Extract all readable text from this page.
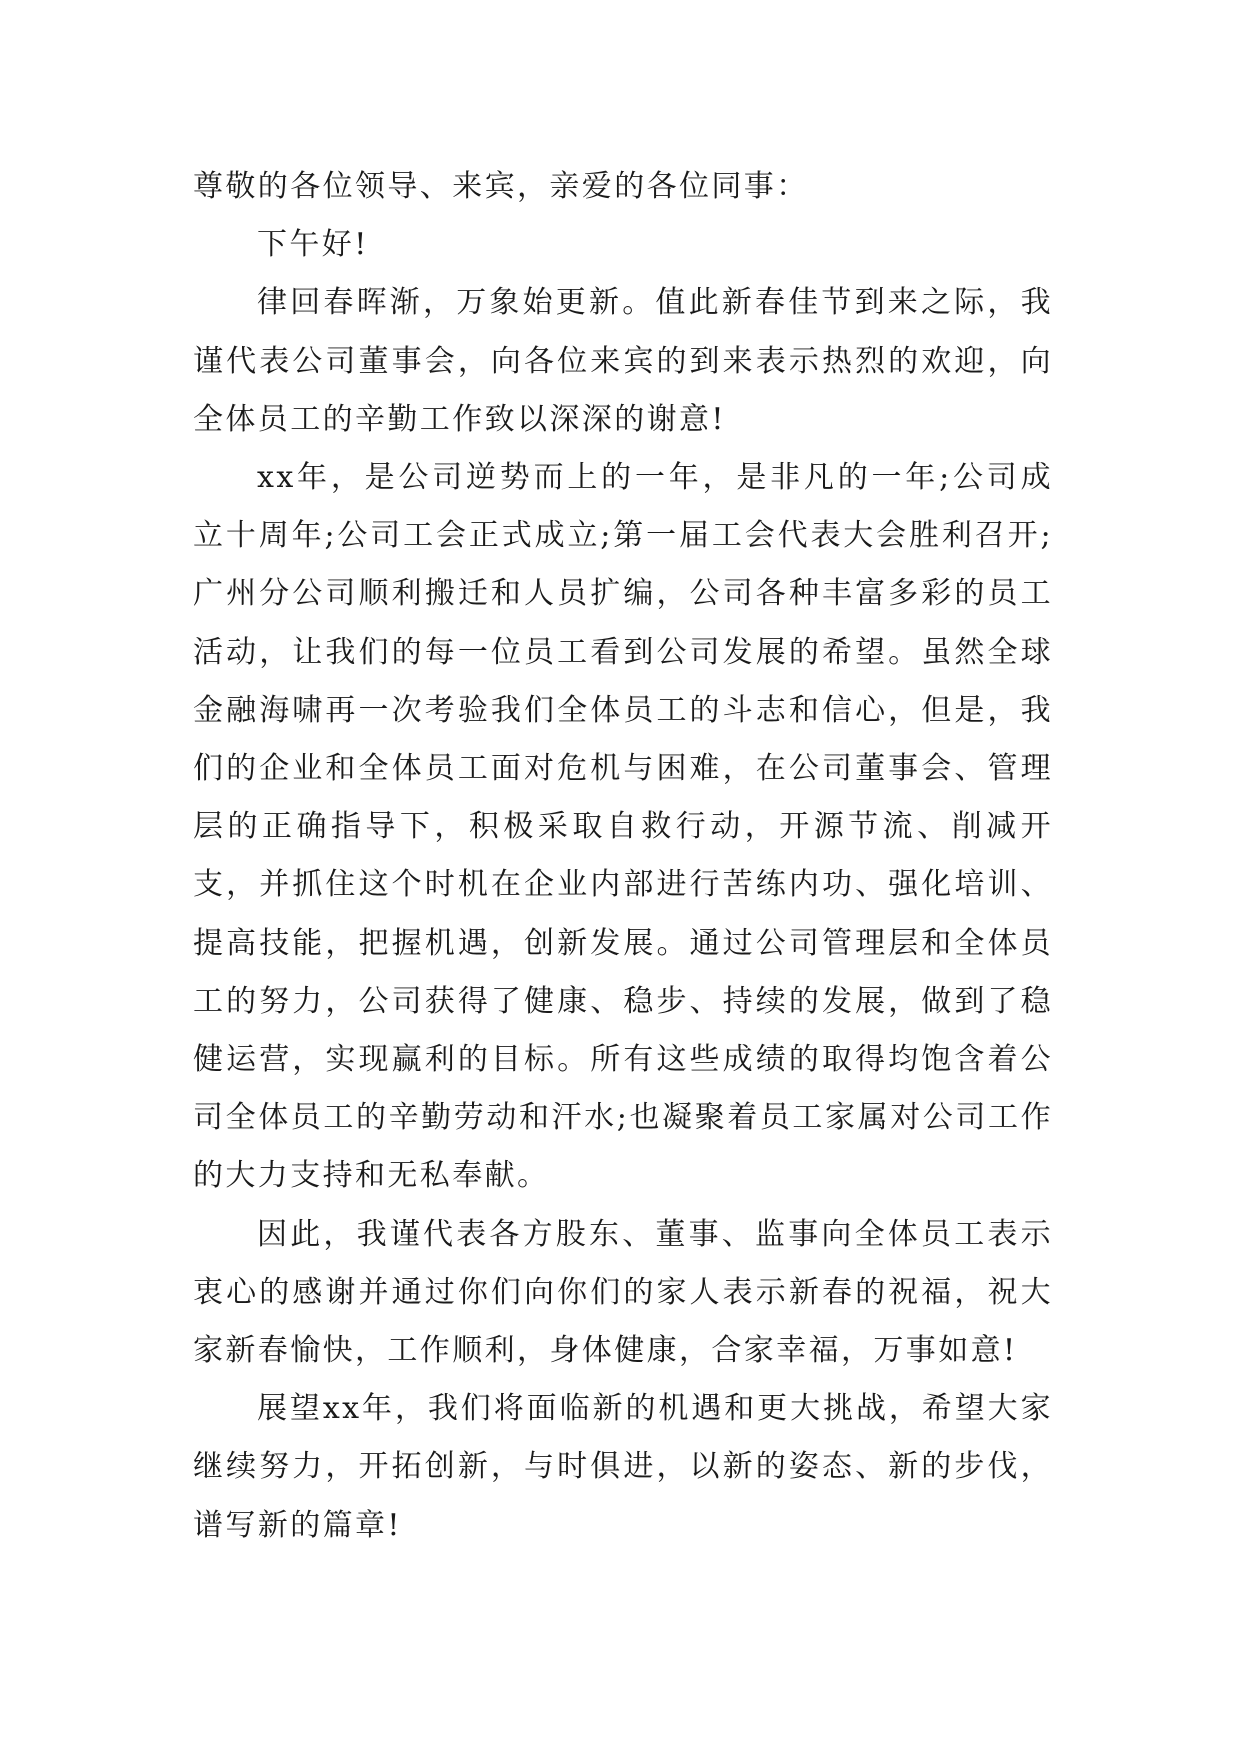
尊敬的各位领导、来宾，亲爱的各位同事：

下午好!

律回春晖渐，万象始更新。值此新春佳节到来之际，我谨代表公司董事会，向各位来宾的到来表示热烈的欢迎，向全体员工的辛勤工作致以深深的谢意!

xx年，是公司逆势而上的一年，是非凡的一年;公司成立十周年;公司工会正式成立;第一届工会代表大会胜利召开;广州分公司顺利搬迁和人员扩编，公司各种丰富多彩的员工活动，让我们的每一位员工看到公司发展的希望。虽然全球金融海啸再一次考验我们全体员工的斗志和信心，但是，我们的企业和全体员工面对危机与困难，在公司董事会、管理层的正确指导下，积极采取自救行动，开源节流、削减开支，并抓住这个时机在企业内部进行苦练内功、强化培训、提高技能，把握机遇，创新发展。通过公司管理层和全体员工的努力，公司获得了健康、稳步、持续的发展，做到了稳健运营，实现赢利的目标。所有这些成绩的取得均饱含着公司全体员工的辛勤劳动和汗水;也凝聚着员工家属对公司工作的大力支持和无私奉献。

因此，我谨代表各方股东、董事、监事向全体员工表示衷心的感谢并通过你们向你们的家人表示新春的祝福，祝大家新春愉快，工作顺利，身体健康，合家幸福，万事如意!

展望xx年，我们将面临新的机遇和更大挑战，希望大家继续努力，开拓创新，与时俱进，以新的姿态、新的步伐，谱写新的篇章!
